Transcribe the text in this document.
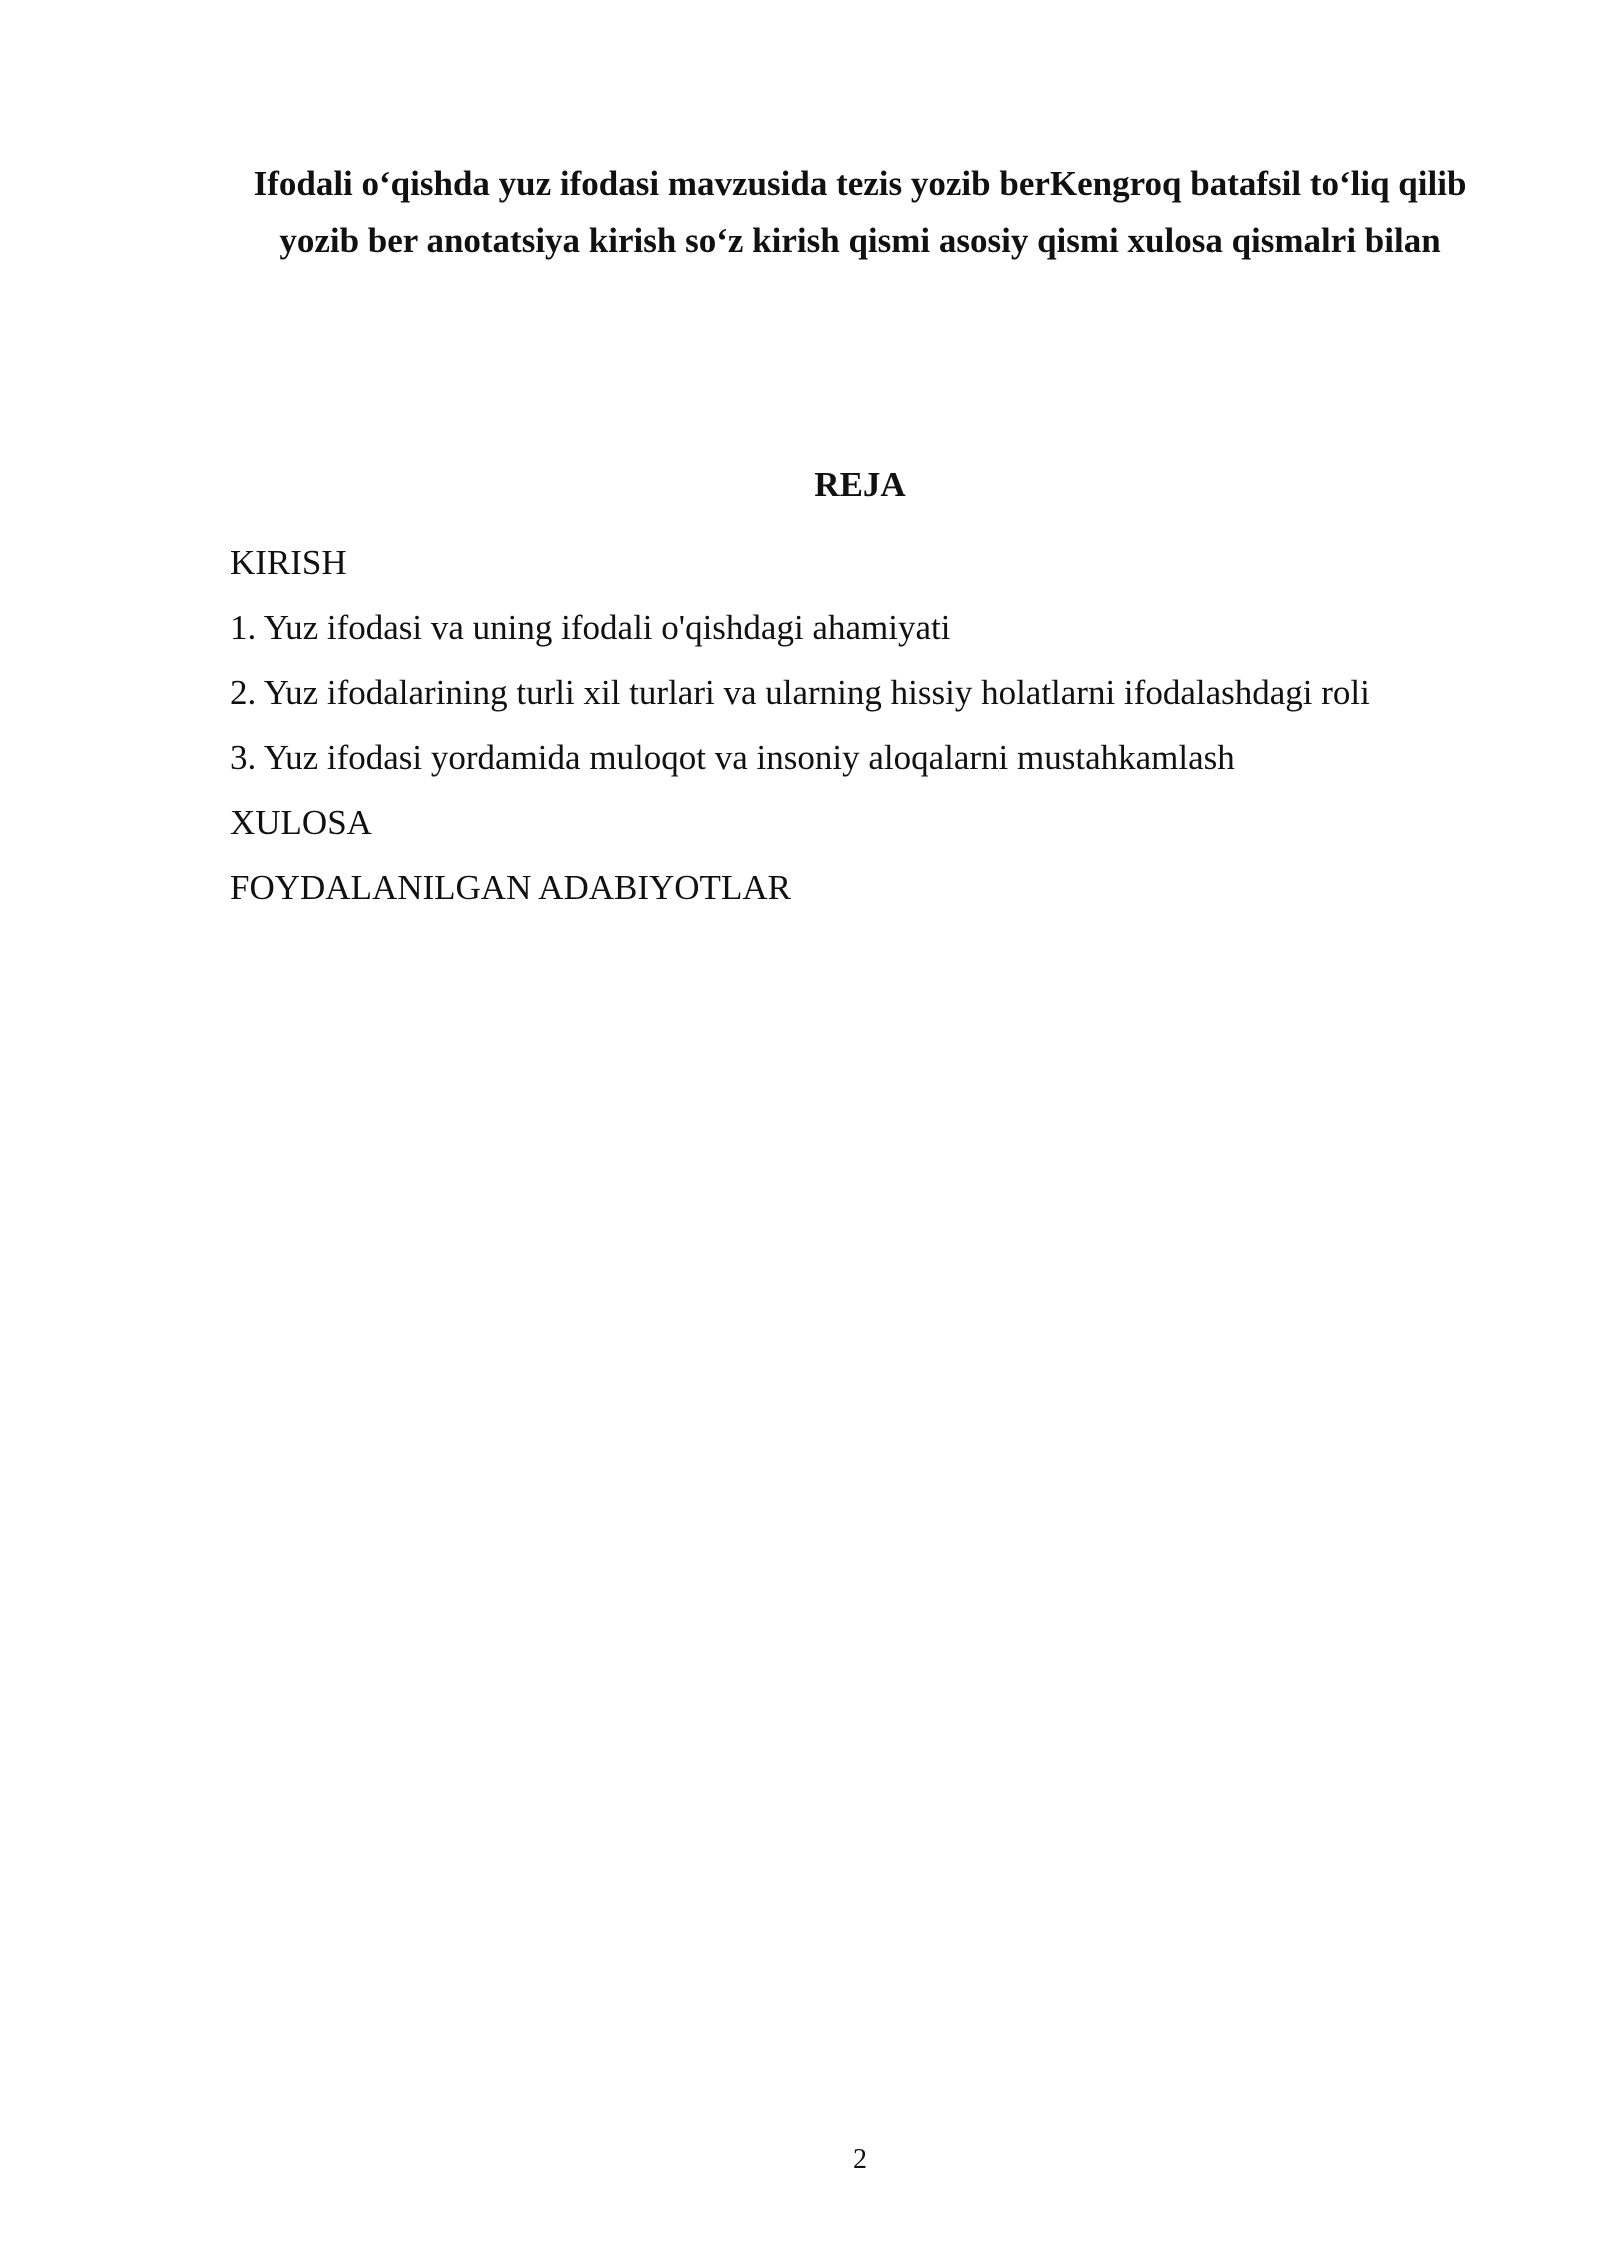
Ifodali o‘qishda yuz ifodasi mavzusida tezis yozib berKengroq batafsil to‘liq qilib yozib ber anotatsiya kirish so‘z kirish qismi asosiy qismi xulosa qismalri bilan
REJA
KIRISH
1. Yuz ifodasi va uning ifodali o'qishdagi ahamiyati
2. Yuz ifodalarining turli xil turlari va ularning hissiy holatlarni ifodalashdagi roli
3. Yuz ifodasi yordamida muloqot va insoniy aloqalarni mustahkamlash
XULOSA
FOYDALANILGAN ADABIYOTLAR
2
